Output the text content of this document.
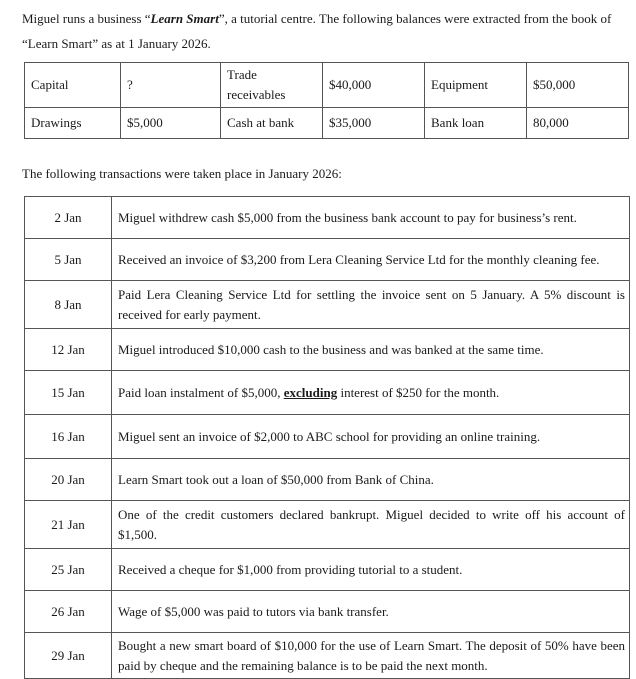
Miguel runs a business “Learn Smart”, a tutorial centre. The following balances were extracted from the book of “Learn Smart” as at 1 January 2026.
Capital	?	Trade receivables	$40,000	Equipment	$50,000
Drawings	$5,000	Cash at bank	$35,000	Bank loan	80,000
The following transactions were taken place in January 2026:
2 Jan	Miguel withdrew cash $5,000 from the business bank account to pay for business’s rent.
5 Jan	Received an invoice of $3,200 from Lera Cleaning Service Ltd for the monthly cleaning fee.
8 Jan	Paid Lera Cleaning Service Ltd for settling the invoice sent on 5 January. A 5% discount is received for early payment.
12 Jan	Miguel introduced $10,000 cash to the business and was banked at the same time.
15 Jan	Paid loan instalment of $5,000, excluding interest of $250 for the month.
16 Jan	Miguel sent an invoice of $2,000 to ABC school for providing an online training.
20 Jan	Learn Smart took out a loan of $50,000 from Bank of China.
21 Jan	One of the credit customers declared bankrupt. Miguel decided to write off his account of $1,500.
25 Jan	Received a cheque for $1,000 from providing tutorial to a student.
26 Jan	Wage of $5,000 was paid to tutors via bank transfer.
29 Jan	Bought a new smart board of $10,000 for the use of Learn Smart. The deposit of 50% have been paid by cheque and the remaining balance is to be paid the next month.
